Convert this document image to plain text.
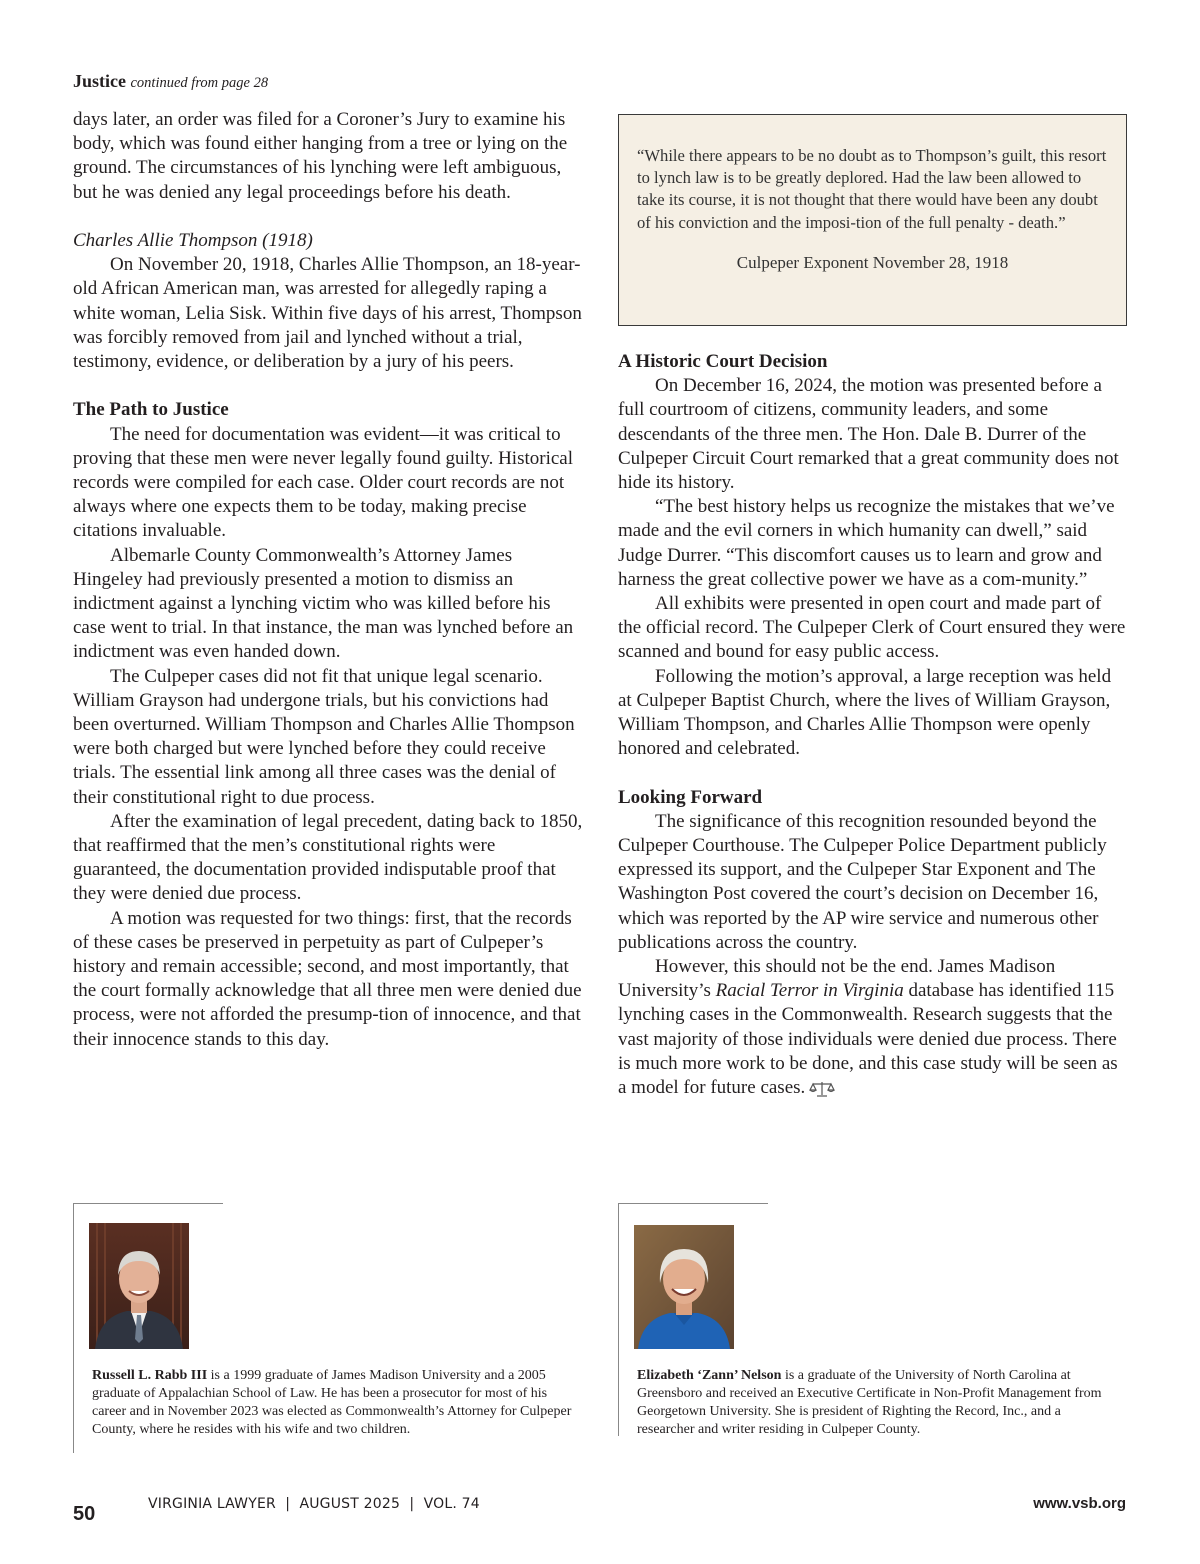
Justice continued from page 28

days later, an order was filed for a Coroner’s Jury to examine his body, which was found either hanging from a tree or lying on the ground. The circumstances of his lynching were left ambiguous, but he was denied any legal proceedings before his death.

Charles Allie Thompson (1918)

On November 20, 1918, Charles Allie Thompson, an 18-year-old African American man, was arrested for allegedly raping a white woman, Lelia Sisk. Within five days of his arrest, Thompson was forcibly removed from jail and lynched without a trial, testimony, evidence, or deliberation by a jury of his peers.

The Path to Justice

The need for documentation was evident—it was critical to proving that these men were never legally found guilty. Historical records were compiled for each case. Older court records are not always where one expects them to be today, making precise citations invaluable.

Albemarle County Commonwealth’s Attorney James Hingeley had previously presented a motion to dismiss an indictment against a lynching victim who was killed before his case went to trial. In that instance, the man was lynched before an indictment was even handed down.

The Culpeper cases did not fit that unique legal scenario. William Grayson had undergone trials, but his convictions had been overturned. William Thompson and Charles Allie Thompson were both charged but were lynched before they could receive trials. The essential link among all three cases was the denial of their constitutional right to due process.

After the examination of legal precedent, dating back to 1850, that reaffirmed that the men’s constitutional rights were guaranteed, the documentation provided indisputable proof that they were denied due process.

A motion was requested for two things: first, that the records of these cases be preserved in perpetuity as part of Culpeper’s history and remain accessible; second, and most importantly, that the court formally acknowledge that all three men were denied due process, were not afforded the presump-tion of innocence, and that their innocence stands to this day.

“While there appears to be no doubt as to Thompson’s guilt, this resort to lynch law is to be greatly deplored. Had the law been allowed to take its course, it is not thought that there would have been any doubt of his conviction and the imposi-tion of the full penalty - death.”

Culpeper Exponent November 28, 1918

A Historic Court Decision

On December 16, 2024, the motion was presented before a full courtroom of citizens, community leaders, and some descendants of the three men. The Hon. Dale B. Durrer of the Culpeper Circuit Court remarked that a great community does not hide its history.

“The best history helps us recognize the mistakes that we’ve made and the evil corners in which humanity can dwell,” said Judge Durrer. “This discomfort causes us to learn and grow and harness the great collective power we have as a com-munity.”

All exhibits were presented in open court and made part of the official record. The Culpeper Clerk of Court ensured they were scanned and bound for easy public access.

Following the motion’s approval, a large reception was held at Culpeper Baptist Church, where the lives of William Grayson, William Thompson, and Charles Allie Thompson were openly honored and celebrated.

Looking Forward

The significance of this recognition resounded beyond the Culpeper Courthouse. The Culpeper Police Department publicly expressed its support, and the Culpeper Star Exponent and The Washington Post covered the court’s decision on December 16, which was reported by the AP wire service and numerous other publications across the country.

However, this should not be the end. James Madison University’s Racial Terror in Virginia database has identified 115 lynching cases in the Commonwealth. Research suggests that the vast majority of those individuals were denied due process. There is much more work to be done, and this case study will be seen as a model for future cases.

Russell L. Rabb III is a 1999 graduate of James Madison University and a 2005 graduate of Appalachian School of Law. He has been a prosecutor for most of his career and in November 2023 was elected as Commonwealth’s Attorney for Culpeper County, where he resides with his wife and two children.
Elizabeth ‘Zann’ Nelson is a graduate of the University of North Carolina at Greensboro and received an Executive Certificate in Non-Profit Management from Georgetown University. She is president of Righting the Record, Inc., and a researcher and writer residing in Culpeper County.
50	VIRGINIA LAWYER  |  AUGUST 2025  |  VOL. 74	www.vsb.org
